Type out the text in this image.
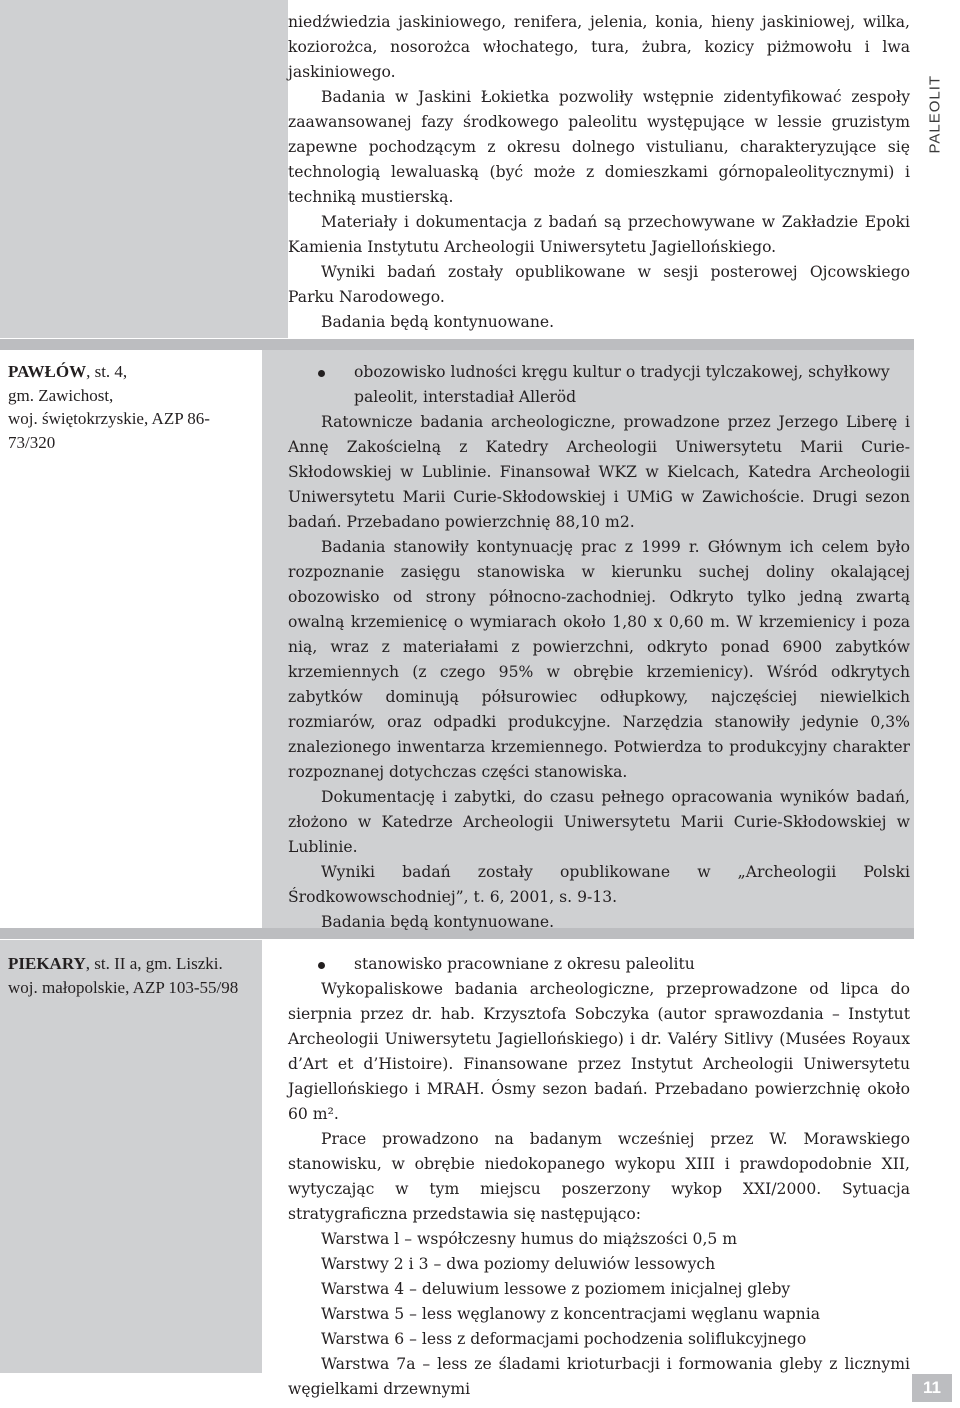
PALEOLIT

niedźwiedzia jaskiniowego, renifera, jelenia, konia, hieny jaskiniowej, wilka, koziorożca, nosorożca włochatego, tura, żubra, kozicy piżmowołu i lwa jaskiniowego.

Badania w Jaskini Łokietka pozwoliły wstępnie zidentyfikować zespoły zaawansowanej fazy środkowego paleolitu występujące w lessie gruzistym zapewne pochodzącym z okresu dolnego vistulianu, charakteryzujące się technologią lewaluaską (być może z domieszkami górnopaleolitycznymi) i techniką mustierską.

Materiały i dokumentacja z badań są przechowywane w Zakładzie Epoki Kamienia Instytutu Archeologii Uniwersytetu Jagiellońskiego.

Wyniki badań zostały opublikowane w sesji posterowej Ojcowskiego Parku Narodowego.

Badania będą kontynuowane.

PAWŁÓW, st. 4,
gm. Zawichost,
woj. świętokrzyskie, AZP 86-73/320

obozowisko ludności kręgu kultur o tradycji tylczakowej, schyłkowy paleolit, interstadiał Alleröd

Ratownicze badania archeologiczne, prowadzone przez Jerzego Liberę i Annę Zakościelną z Katedry Archeologii Uniwersytetu Marii Curie-Skłodowskiej w Lublinie. Finansował WKZ w Kielcach, Katedra Archeologii Uniwersytetu Marii Curie-Skłodowskiej i UMiG w Zawichoście. Drugi sezon badań. Przebadano powierzchnię 88,10 m2.

Badania stanowiły kontynuację prac z 1999 r. Głównym ich celem było rozpoznanie zasięgu stanowiska w kierunku suchej doliny okalającej obozowisko od strony północno-zachodniej. Odkryto tylko jedną zwartą owalną krzemienicę o wymiarach około 1,80 x 0,60 m. W krzemienicy i poza nią, wraz z materiałami z powierzchni, odkryto ponad 6900 zabytków krzemiennych (z czego 95% w obrębie krzemienicy). Wśród odkrytych zabytków dominują półsurowiec odłupkowy, najczęściej niewielkich rozmiarów, oraz odpadki produkcyjne. Narzędzia stanowiły jedynie 0,3% znalezionego inwentarza krzemiennego. Potwierdza to produkcyjny charakter rozpoznanej dotychczas części stanowiska.

Dokumentację i zabytki, do czasu pełnego opracowania wyników badań, złożono w Katedrze Archeologii Uniwersytetu Marii Curie-Skłodowskiej w Lublinie.

Wyniki badań zostały opublikowane w „Archeologii Polski Środkowowschodniej”, t. 6, 2001, s. 9-13.

Badania będą kontynuowane.

PIEKARY, st. II a, gm. Liszki.
woj. małopolskie, AZP 103-55/98

stanowisko pracowniane z okresu paleolitu

Wykopaliskowe badania archeologiczne, przeprowadzone od lipca do sierpnia przez dr. hab. Krzysztofa Sobczyka (autor sprawozdania – Instytut Archeologii Uniwersytetu Jagiellońskiego) i dr. Valéry Sitlivy (Musées Royaux d’Art et d’Histoire). Finansowane przez Instytut Archeologii Uniwersytetu Jagiellońskiego i MRAH. Ósmy sezon badań. Przebadano powierzchnię około 60 m².

Prace prowadzono na badanym wcześniej przez W. Morawskiego stanowisku, w obrębie niedokopanego wykopu XIII i prawdopodobnie XII, wytyczając w tym miejscu poszerzony wykop XXI/2000. Sytuacja stratygraficzna przedstawia się następująco:

Warstwa l – współczesny humus do miąższości 0,5 m

Warstwy 2 i 3 – dwa poziomy deluwiów lessowych

Warstwa 4 – deluwium lessowe z poziomem inicjalnej gleby

Warstwa 5 – less węglanowy z koncentracjami węglanu wapnia

Warstwa 6 – less z deformacjami pochodzenia soliflukcyjnego

Warstwa 7a – less ze śladami krioturbacji i formowania gleby z licznymi węgielkami drzewnymi	11
